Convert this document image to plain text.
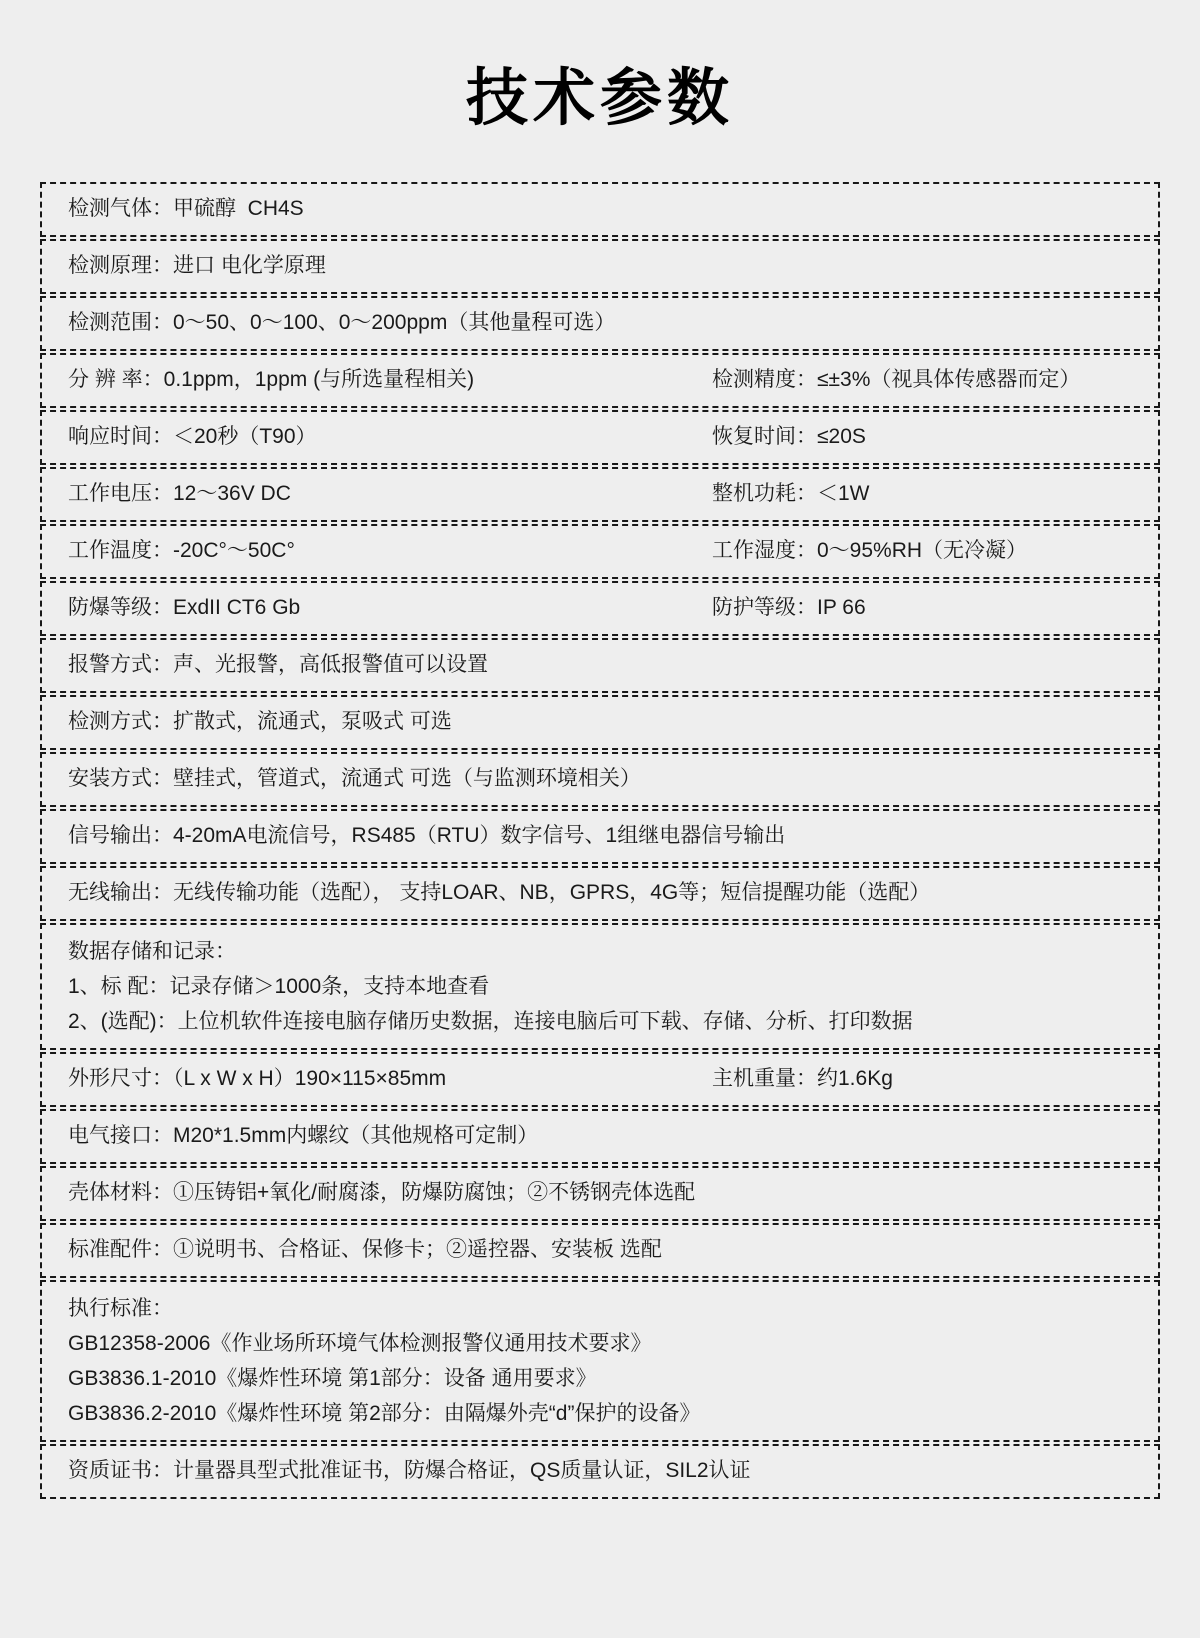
技术参数
检测气体：甲硫醇  CH4S
检测原理：进口 电化学原理
检测范围：0～50、0～100、0～200ppm（其他量程可选）
分 辨 率：0.1ppm，1ppm (与所选量程相关)	检测精度：≤±3%（视具体传感器而定）
响应时间：＜20秒（T90）	恢复时间：≤20S
工作电压：12～36V DC	整机功耗：＜1W
工作温度：-20C°～50C°	工作湿度：0～95%RH（无冷凝）
防爆等级：ExdII CT6 Gb	防护等级：IP 66
报警方式：声、光报警，高低报警值可以设置
检测方式：扩散式，流通式，泵吸式 可选
安装方式：壁挂式，管道式，流通式 可选（与监测环境相关）
信号输出：4-20mA电流信号，RS485（RTU）数字信号、1组继电器信号输出
无线输出：无线传输功能（选配）， 支持LOAR、NB，GPRS，4G等；短信提醒功能（选配）
数据存储和记录：
1、标 配：记录存储＞1000条，支持本地查看
2、(选配)：上位机软件连接电脑存储历史数据，连接电脑后可下载、存储、分析、打印数据
外形尺寸：（L x W x H）190×115×85mm	主机重量：约1.6Kg
电气接口：M20*1.5mm内螺纹（其他规格可定制）
壳体材料：①压铸铝+氧化/耐腐漆，防爆防腐蚀；②不锈钢壳体选配
标准配件：①说明书、合格证、保修卡；②遥控器、安装板 选配
执行标准：
GB12358-2006《作业场所环境气体检测报警仪通用技术要求》
GB3836.1-2010《爆炸性环境 第1部分：设备 通用要求》
GB3836.2-2010《爆炸性环境 第2部分：由隔爆外壳“d”保护的设备》
资质证书：计量器具型式批准证书，防爆合格证，QS质量认证，SIL2认证
